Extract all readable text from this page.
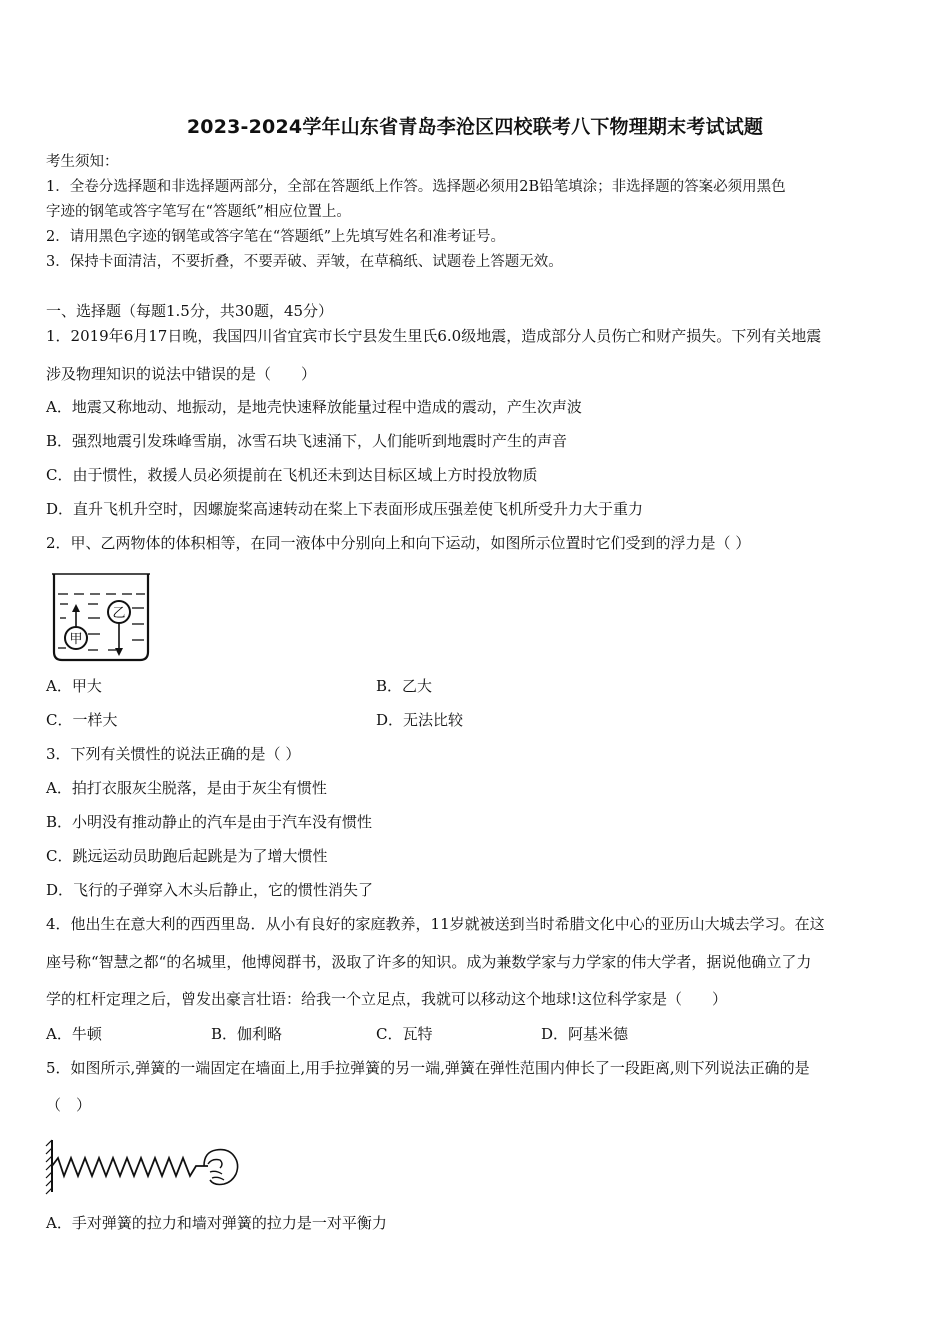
2023-2024学年山东省青岛李沧区四校联考八下物理期末考试试题
考生须知：
1．全卷分选择题和非选择题两部分，全部在答题纸上作答。选择题必须用2B铅笔填涂；非选择题的答案必须用黑色
字迹的钢笔或答字笔写在“答题纸”相应位置上。
2．请用黑色字迹的钢笔或答字笔在“答题纸”上先填写姓名和准考证号。
3．保持卡面清洁，不要折叠，不要弄破、弄皱，在草稿纸、试题卷上答题无效。
一、选择题（每题1.5分，共30题，45分）
1．2019年6月17日晚，我国四川省宜宾市长宁县发生里氏6.0级地震，造成部分人员伤亡和财产损失。下列有关地震
涉及物理知识的说法中错误的是（　　）
A．地震又称地动、地振动，是地壳快速释放能量过程中造成的震动，产生次声波
B．强烈地震引发珠峰雪崩，冰雪石块飞速涌下，人们能听到地震时产生的声音
C．由于惯性，救援人员必须提前在飞机还未到达目标区域上方时投放物质
D．直升飞机升空时，因螺旋桨高速转动在桨上下表面形成压强差使飞机所受升力大于重力
2．甲、乙两物体的体积相等，在同一液体中分别向上和向下运动，如图所示位置时它们受到的浮力是（ ）
甲
乙
A．甲大	B．乙大
C．一样大	D．无法比较
3．下列有关惯性的说法正确的是（ ）
A．拍打衣服灰尘脱落，是由于灰尘有惯性
B．小明没有推动静止的汽车是由于汽车没有惯性
C．跳远运动员助跑后起跳是为了增大惯性
D．飞行的子弹穿入木头后静止，它的惯性消失了
4．他出生在意大利的西西里岛．从小有良好的家庭教养，11岁就被送到当时希腊文化中心的亚历山大城去学习。在这
座号称“智慧之都“的名城里，他博阅群书，汲取了许多的知识。成为兼数学家与力学家的伟大学者，据说他确立了力
学的杠杆定理之后，曾发出豪言壮语：给我一个立足点，我就可以移动这个地球!这位科学家是（　　）
A．牛顿	B．伽利略	C．瓦特	D．阿基米德
5．如图所示,弹簧的一端固定在墙面上,用手拉弹簧的另一端,弹簧在弹性范围内伸长了一段距离,则下列说法正确的是
（　）
A．手对弹簧的拉力和墙对弹簧的拉力是一对平衡力
